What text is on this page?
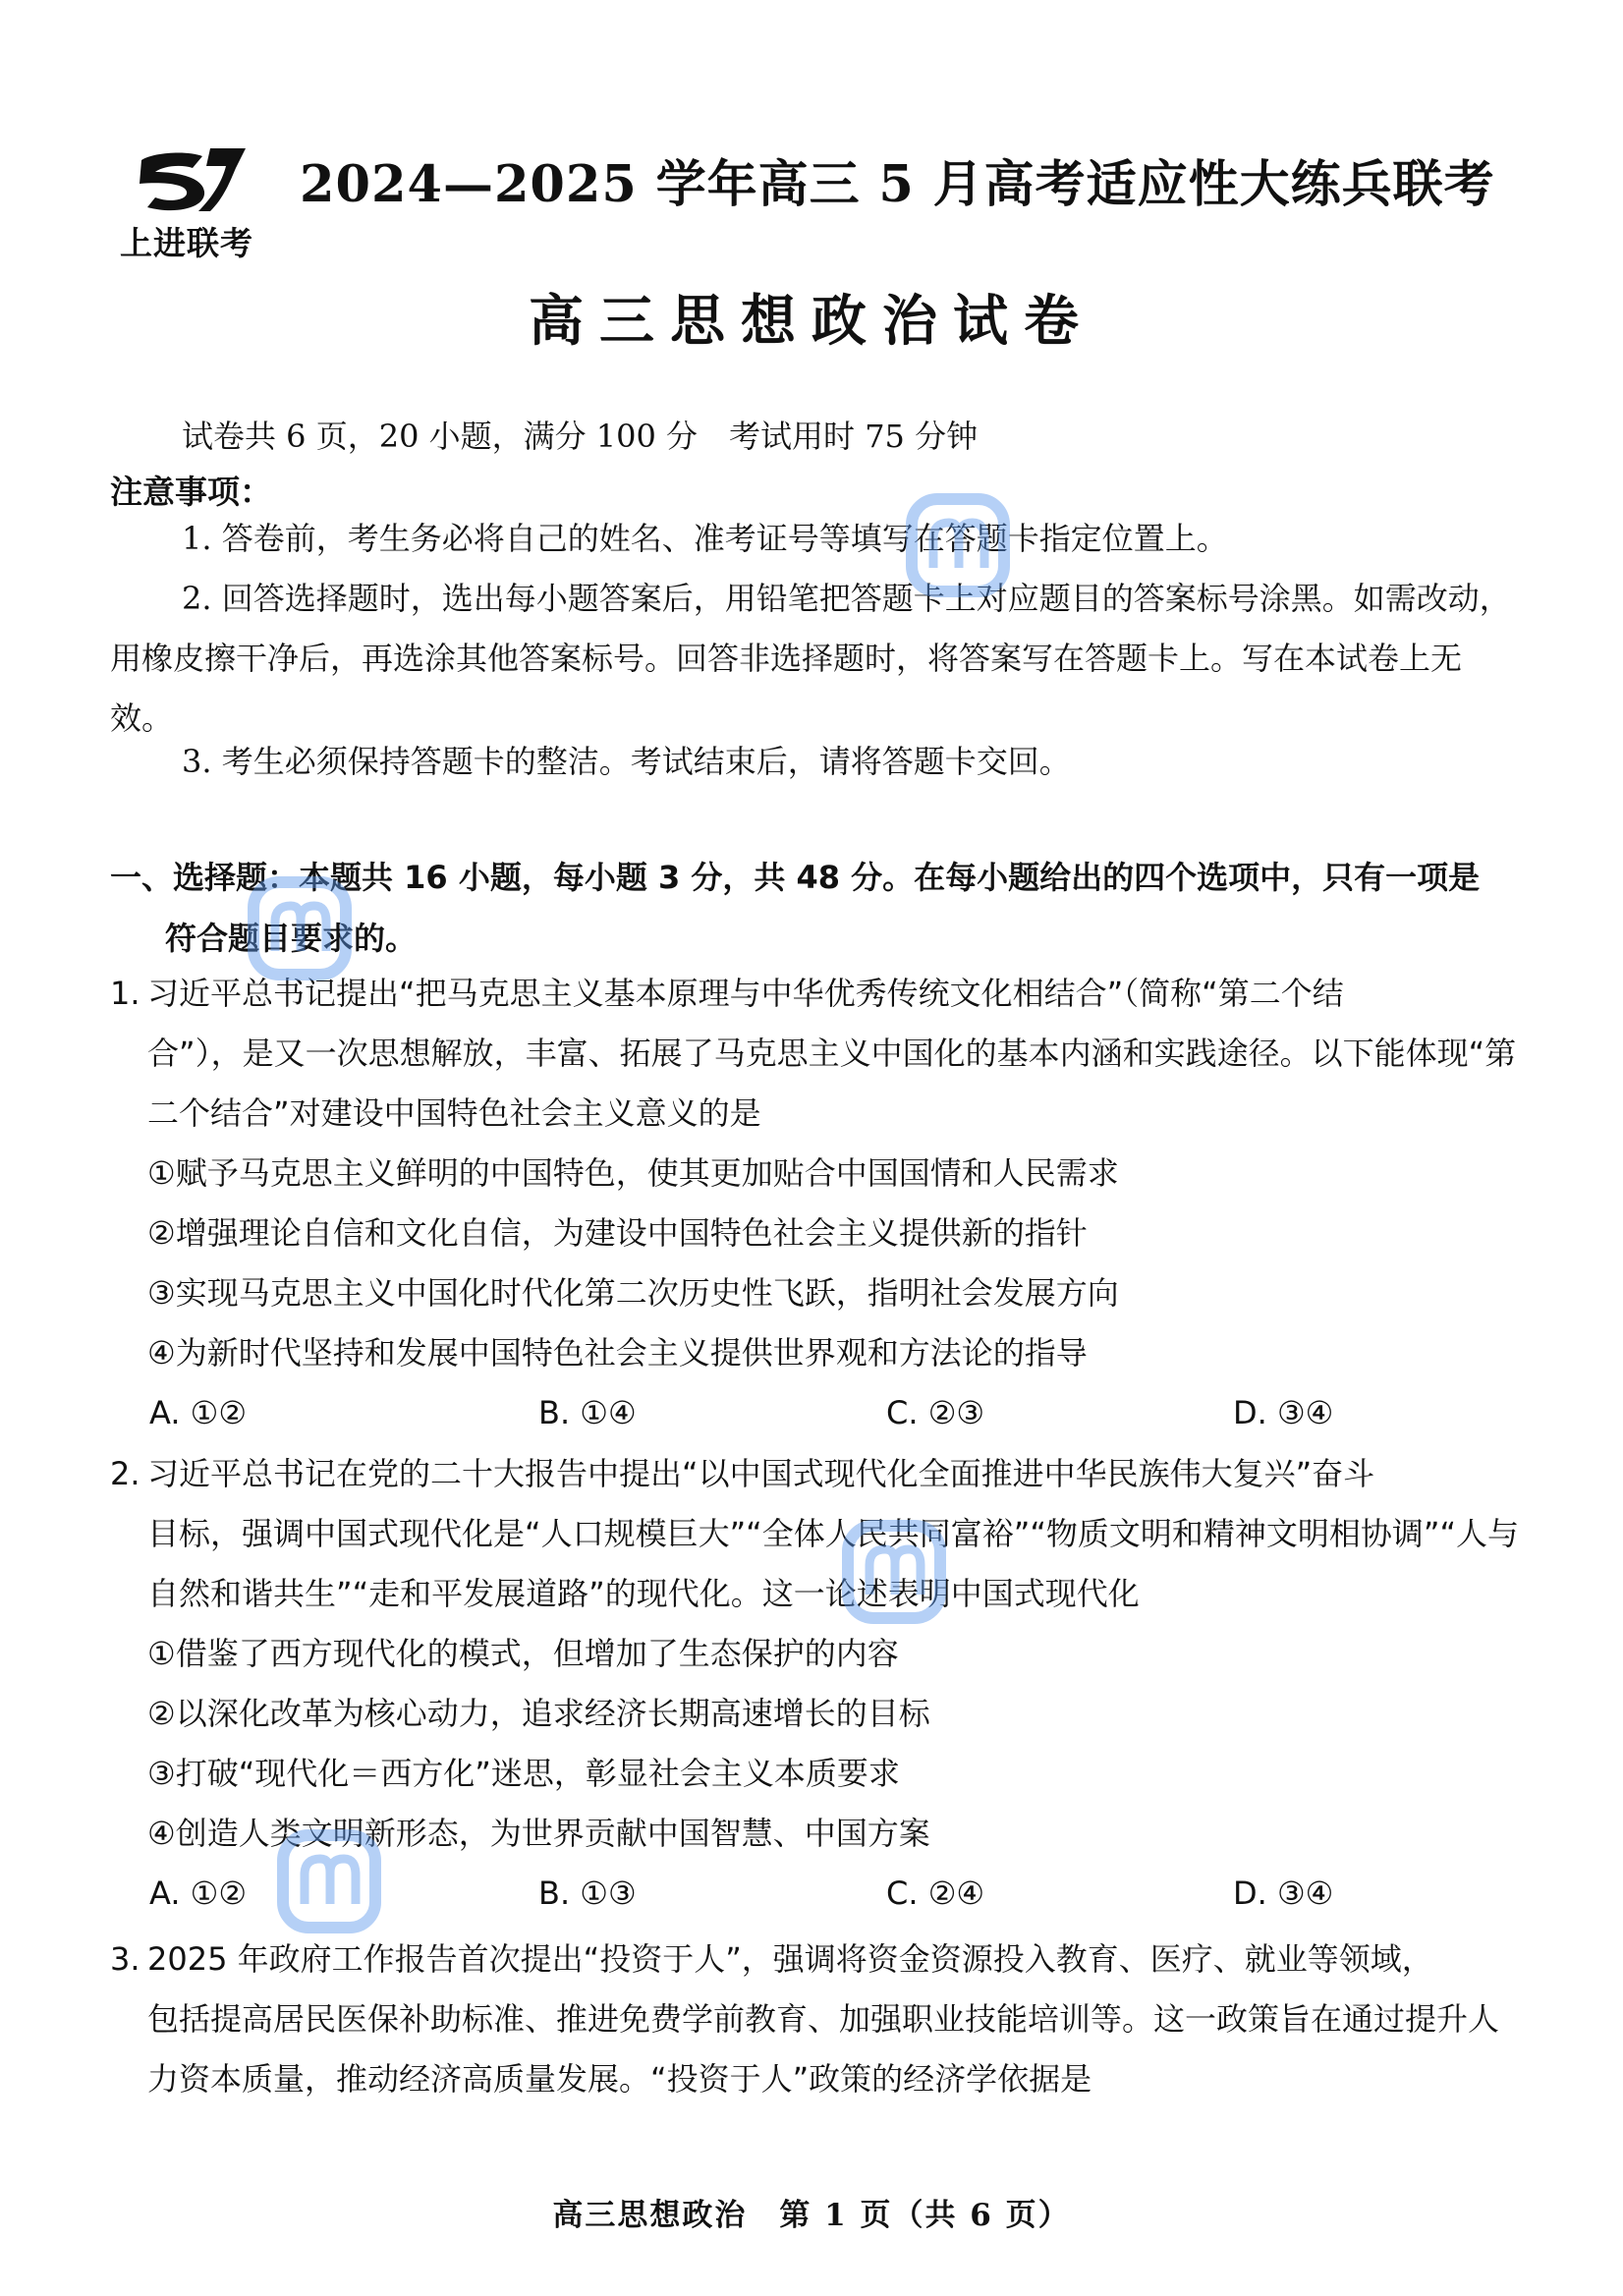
上进联考
2024—2025 学年高三 5 月高考适应性大练兵联考
高三思想政治试卷
试卷共 6 页，20 小题，满分 100 分　考试用时 75 分钟
注意事项：
1. 答卷前，考生务必将自己的姓名、准考证号等填写在答题卡指定位置上。
2. 回答选择题时，选出每小题答案后，用铅笔把答题卡上对应题目的答案标号涂黑。如需改动，用橡皮擦干净后，再选涂其他答案标号。回答非选择题时，将答案写在答题卡上。写在本试卷上无效。
3. 考生必须保持答题卡的整洁。考试结束后，请将答题卡交回。
一、选择题：本题共 16 小题，每小题 3 分，共 48 分。在每小题给出的四个选项中，只有一项是
符合题目要求的。
1. 习近平总书记提出“把马克思主义基本原理与中华优秀传统文化相结合”（简称“第二个结
合”），是又一次思想解放，丰富、拓展了马克思主义中国化的基本内涵和实践途径。以下能体现“第二个结合”对建设中国特色社会主义意义的是
①赋予马克思主义鲜明的中国特色，使其更加贴合中国国情和人民需求
②增强理论自信和文化自信，为建设中国特色社会主义提供新的指针
③实现马克思主义中国化时代化第二次历史性飞跃，指明社会发展方向
④为新时代坚持和发展中国特色社会主义提供世界观和方法论的指导
A. ①②	B. ①④	C. ②③	D. ③④
2. 习近平总书记在党的二十大报告中提出“以中国式现代化全面推进中华民族伟大复兴”奋斗
目标，强调中国式现代化是“人口规模巨大”“全体人民共同富裕”“物质文明和精神文明相协调”“人与自然和谐共生”“走和平发展道路”的现代化。这一论述表明中国式现代化
①借鉴了西方现代化的模式，但增加了生态保护的内容
②以深化改革为核心动力，追求经济长期高速增长的目标
③打破“现代化＝西方化”迷思，彰显社会主义本质要求
④创造人类文明新形态，为世界贡献中国智慧、中国方案
A. ①②	B. ①③	C. ②④	D. ③④
3. 2025 年政府工作报告首次提出“投资于人”，强调将资金资源投入教育、医疗、就业等领域，
包括提高居民医保补助标准、推进免费学前教育、加强职业技能培训等。这一政策旨在通过提升人力资本质量，推动经济高质量发展。“投资于人”政策的经济学依据是
高三思想政治　第 1 页（共 6 页）
